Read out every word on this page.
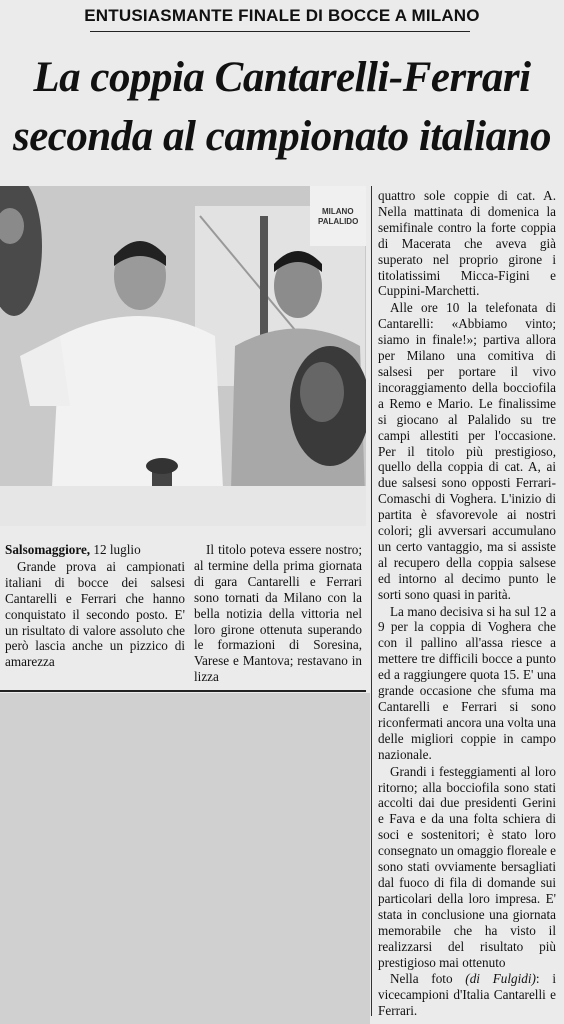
ENTUSIASMANTE FINALE DI BOCCE A MILANO
La coppia Cantarelli-Ferrari
seconda al campionato italiano
MILANO
PALALIDO

Salsomaggiore, 12 luglio

Grande prova ai campionati italiani di bocce dei salsesi Cantarelli e Ferrari che hanno conquistato il secondo posto. E' un risultato di valore assoluto che però lascia anche un pizzico di amarezza

Il titolo poteva essere nostro; al termine della prima giornata di gara Cantarelli e Ferrari sono tornati da Milano con la bella notizia della vittoria nel loro girone ottenuta superando le formazioni di Soresina, Varese e Mantova; restavano in lizza

quattro sole coppie di cat. A. Nella mattinata di domenica la semifinale contro la forte coppia di Macerata che aveva già superato nel proprio girone i titolatissimi Micca-Figini e Cuppini-Marchetti.

Alle ore 10 la telefonata di Cantarelli: «Abbiamo vinto; siamo in finale!»; partiva allora per Milano una comitiva di salsesi per portare il vivo incoraggiamento della bocciofila a Remo e Mario. Le finalissime si giocano al Palalido su tre campi allestiti per l'occasione. Per il titolo più prestigioso, quello della coppia di cat. A, ai due salsesi sono opposti Ferrari-Comaschi di Voghera. L'inizio di partita è sfavorevole ai nostri colori; gli avversari accumulano un certo vantaggio, ma si assiste al recupero della coppia salsese ed intorno al decimo punto le sorti sono quasi in parità.

La mano decisiva si ha sul 12 a 9 per la coppia di Voghera che con il pallino all'assa riesce a mettere tre difficili bocce a punto ed a raggiungere quota 15. E' una grande occasione che sfuma ma Cantarelli e Ferrari si sono riconfermati ancora una volta una delle migliori coppie in campo nazionale.

Grandi i festeggiamenti al loro ritorno; alla bocciofila sono stati accolti dai due presidenti Gerini e Fava e da una folta schiera di soci e sostenitori; è stato loro consegnato un omaggio floreale e sono stati ovviamente bersagliati dal fuoco di fila di domande sui particolari della loro impresa. E' stata in conclusione una giornata memorabile che ha visto il realizzarsi del risultato più prestigioso mai ottenuto

Nella foto (di Fulgidi): i vicecampioni d'Italia Cantarelli e Ferrari.
